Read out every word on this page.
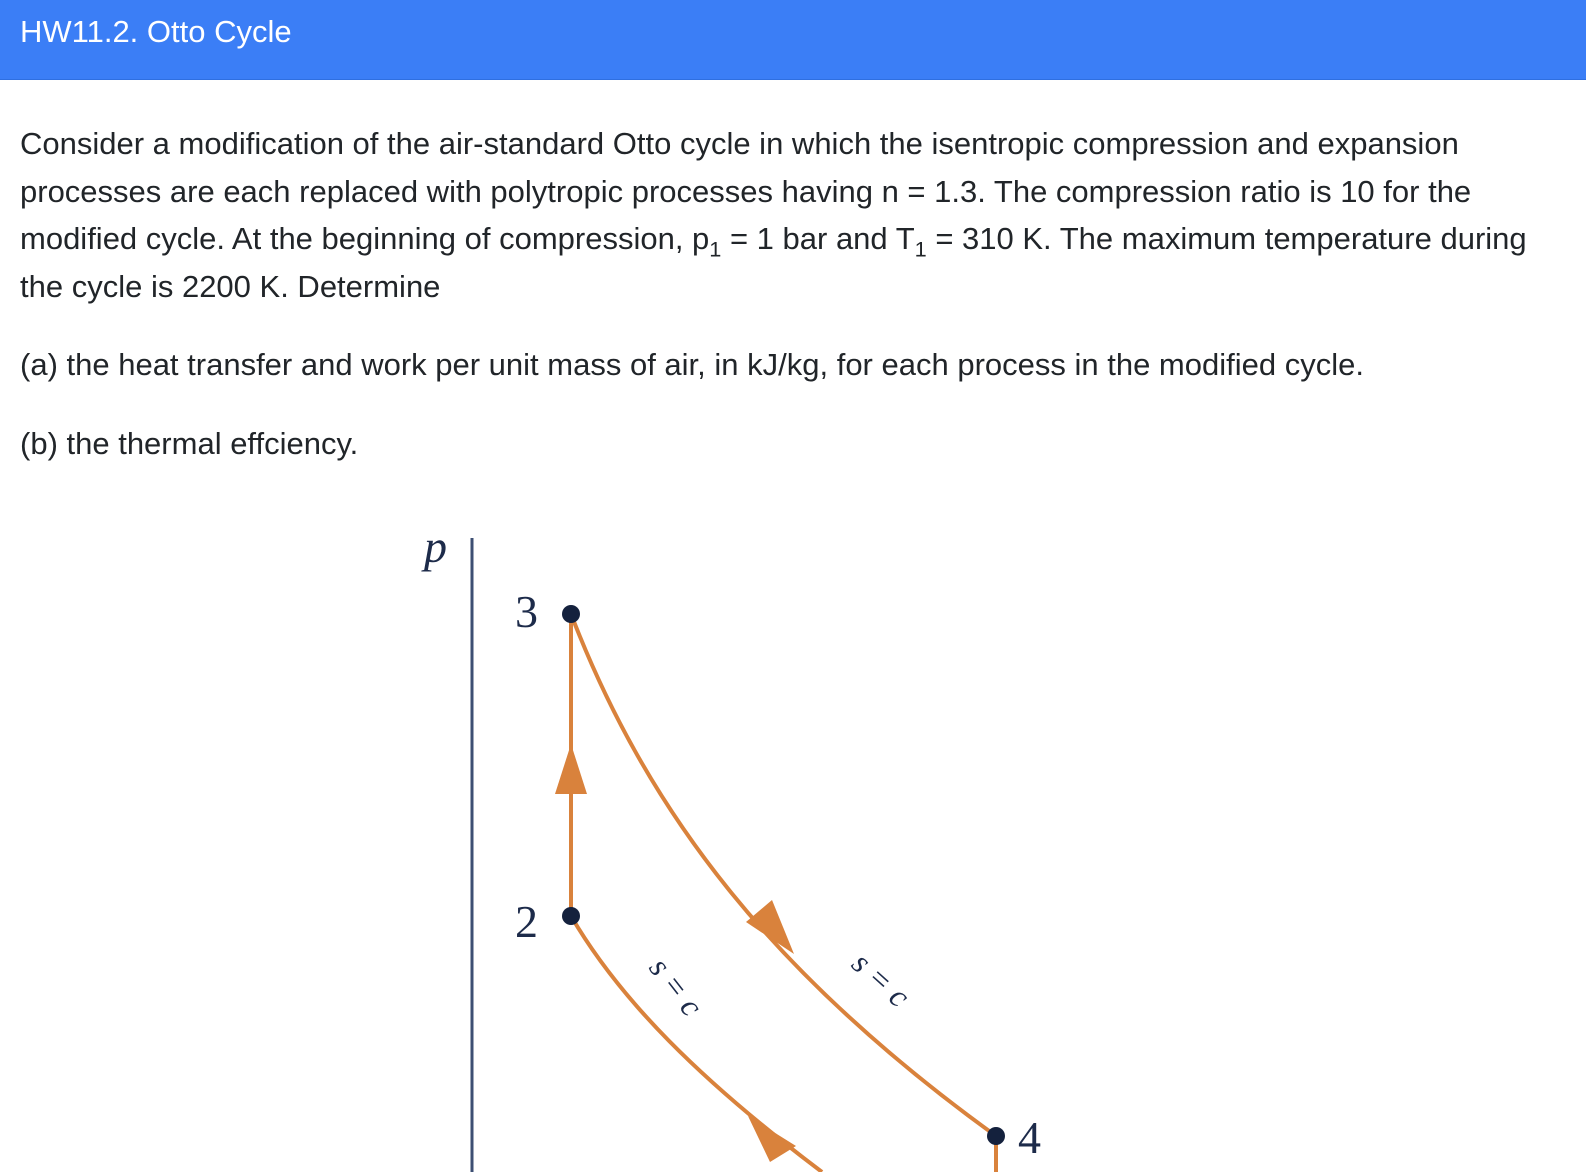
HW11.2. Otto Cycle

Consider a modification of the air-standard Otto cycle in which the isentropic compression and expansion processes are each replaced with polytropic processes having n = 1.3. The compression ratio is 10 for the modified cycle. At the beginning of compression, $p_1 = 1$ bar and $T_1 = 310$ K. The maximum temperature during the cycle is 2200 K. Determine

(a) the heat transfer and work per unit mass of air, in kJ/kg, for each process in the modified cycle.

(b) the thermal effciency.

p
3
2
4
s = c	s = c
